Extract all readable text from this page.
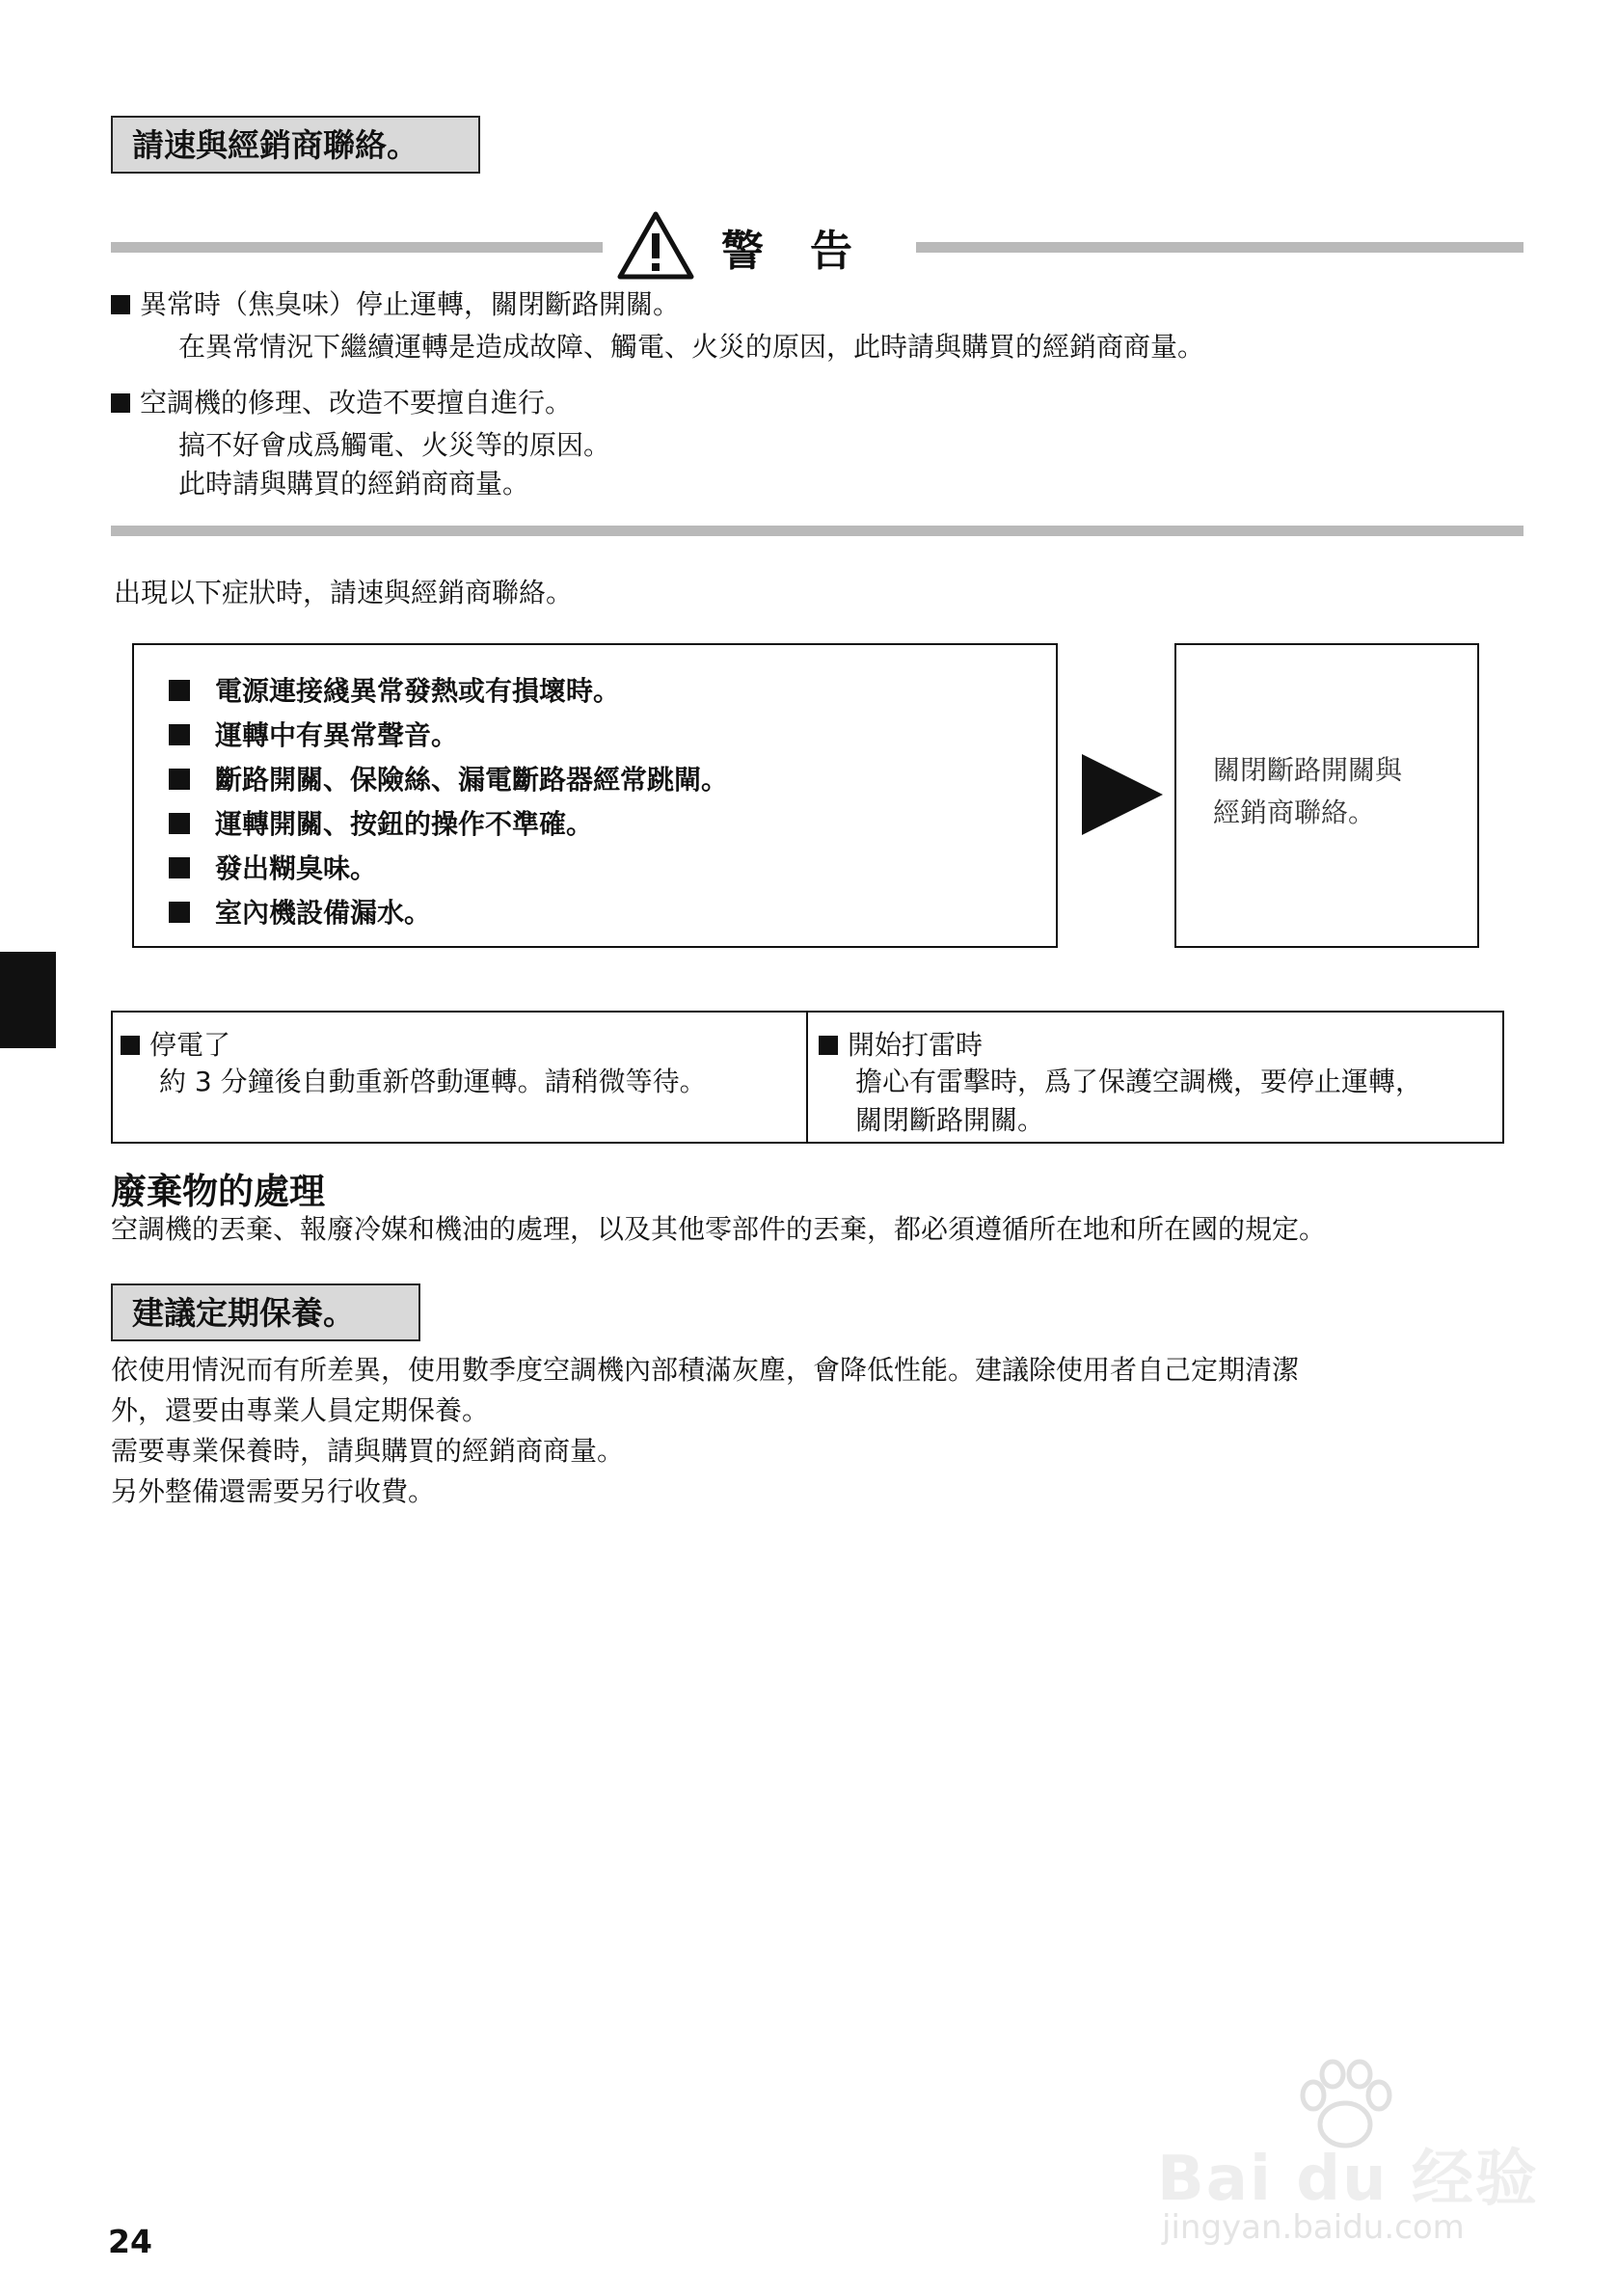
請速與經銷商聯絡。
警告
異常時（焦臭味）停止運轉，關閉斷路開關。
在異常情況下繼續運轉是造成故障、觸電、火災的原因，此時請與購買的經銷商商量。
空調機的修理、改造不要擅自進行。
搞不好會成爲觸電、火災等的原因。
此時請與購買的經銷商商量。
出現以下症狀時，請速與經銷商聯絡。
電源連接綫異常發熱或有損壞時。
運轉中有異常聲音。
斷路開關、保險絲、漏電斷路器經常跳閘。
運轉開關、按鈕的操作不準確。
發出糊臭味。
室內機設備漏水。
關閉斷路開關與
經銷商聯絡。
停電了
約 3 分鐘後自動重新啓動運轉。請稍微等待。
開始打雷時
擔心有雷擊時，爲了保護空調機，要停止運轉，
關閉斷路開關。
廢棄物的處理
空調機的丟棄、報廢冷媒和機油的處理，以及其他零部件的丟棄，都必須遵循所在地和所在國的規定。
建議定期保養。
依使用情況而有所差異，使用數季度空調機內部積滿灰塵，會降低性能。建議除使用者自己定期清潔
外，還要由專業人員定期保養。
需要專業保養時，請與購買的經銷商商量。
另外整備還需要另行收費。
Bai du 经验
jingyan.baidu.com
24
